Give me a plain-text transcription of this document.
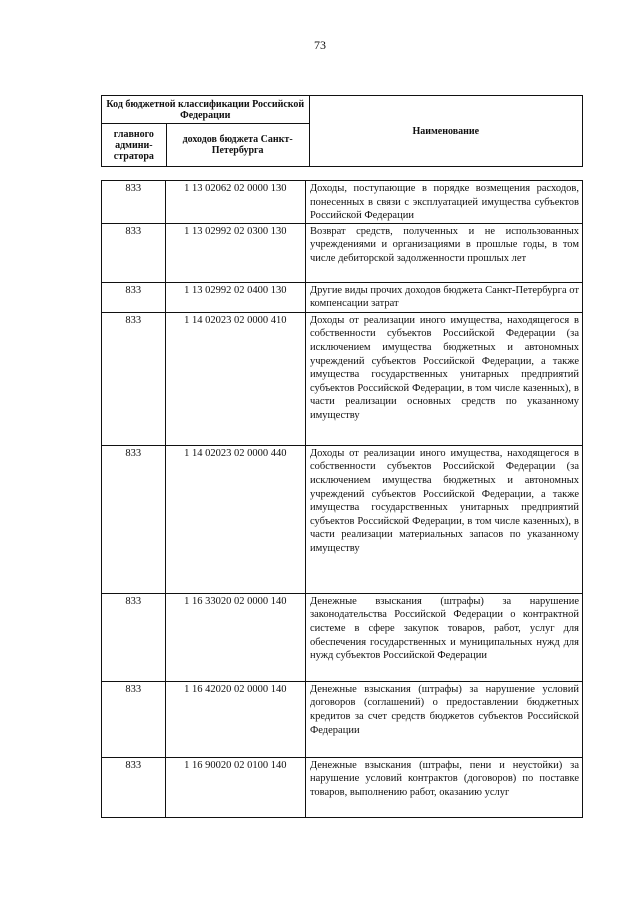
73
Код бюджетной классификации Российской Федерации		Наименование
главного админи-стратора	доходов бюджета Санкт-Петербурга	
833	1 13 02062 02 0000 130	Доходы, поступающие в порядке возмещения расходов, понесенных в связи с эксплуатацией имущества субъектов Российской Федерации
833	1 13 02992 02 0300 130	Возврат средств, полученных и не использованных учреждениями и организациями в прошлые годы, в том числе дебиторской задолженности прошлых лет
833	1 13 02992 02 0400 130	Другие виды прочих доходов бюджета Санкт-Петербурга от компенсации затрат
833	1 14 02023 02 0000 410	Доходы от реализации иного имущества, находящегося в собственности субъектов Российской Федерации (за исключением имущества бюджетных и автономных учреждений субъектов Российской Федерации, а также имущества государственных унитарных предприятий субъектов Российской Федерации, в том числе казенных), в части реализации основных средств по указанному имуществу
833	1 14 02023 02 0000 440	Доходы от реализации иного имущества, находящегося в собственности субъектов Российской Федерации (за исключением имущества бюджетных и автономных учреждений субъектов Российской Федерации, а также имущества государственных унитарных предприятий субъектов Российской Федерации, в том числе казенных), в части реализации материальных запасов по указанному имуществу
833	1 16 33020 02 0000 140	Денежные взыскания (штрафы) за нарушение законодательства Российской Федерации о контрактной системе в сфере закупок товаров, работ, услуг для обеспечения государственных и муниципальных нужд для нужд субъектов Российской Федерации
833	1 16 42020 02 0000 140	Денежные взыскания (штрафы) за нарушение условий договоров (соглашений) о предоставлении бюджетных кредитов за счет средств бюджетов субъектов Российской Федерации
833	1 16 90020 02 0100 140	Денежные взыскания (штрафы, пени и неустойки) за нарушение условий контрактов (договоров) по поставке товаров, выполнению работ, оказанию услуг
